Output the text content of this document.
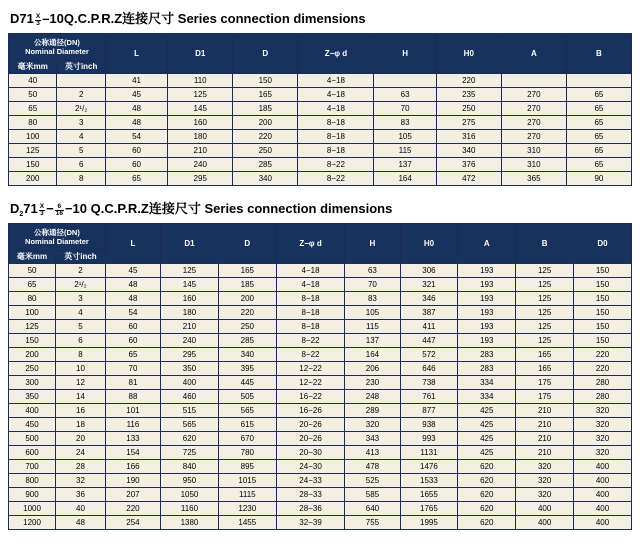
$D71 \frac{X}{3} -10Q.C.P.R.Z$连接尺寸 Series connection dimensions
公称通径(DN)
Nominal Diameter		L	D1	D	Z−φ d	H	H0	A	B
毫米mm	英寸inch								
40		41	110	150	4−18		220		
50	2	45	125	165	4−18	63	235	270	65
65	2¹/₂	48	145	185	4−18	70	250	270	65
80	3	48	160	200	8−18	83	275	270	65
100	4	54	180	220	8−18	105	316	270	65
125	5	60	210	250	8−18	115	340	310	65
150	6	60	240	285	8−22	137	376	310	65
200	8	65	295	340	8−22	164	472	365	90
$D_271 \frac{X}{3} - \frac{6}{16} -10$ Q.C.P.R.Z连接尺寸 Series connection dimensions
公称通径(DN)
Nominal Diameter		L	D1	D	Z−φ d	H	H0	A	B	D0
毫米mm	英寸inch									
50	2	45	125	165	4−18	63	306	193	125	150
65	2¹/₂	48	145	185	4−18	70	321	193	125	150
80	3	48	160	200	8−18	83	346	193	125	150
100	4	54	180	220	8−18	105	387	193	125	150
125	5	60	210	250	8−18	115	411	193	125	150
150	6	60	240	285	8−22	137	447	193	125	150
200	8	65	295	340	8−22	164	572	283	165	220
250	10	70	350	395	12−22	206	646	283	165	220
300	12	81	400	445	12−22	230	738	334	175	280
350	14	88	460	505	16−22	248	761	334	175	280
400	16	101	515	565	16−26	289	877	425	210	320
450	18	116	565	615	20−26	320	938	425	210	320
500	20	133	620	670	20−26	343	993	425	210	320
600	24	154	725	780	20−30	413	1131	425	210	320
700	28	166	840	895	24−30	478	1476	620	320	400
800	32	190	950	1015	24−33	525	1533	620	320	400
900	36	207	1050	1115	28−33	585	1655	620	320	400
1000	40	220	1160	1230	28−36	640	1765	620	400	400
1200	48	254	1380	1455	32−39	755	1995	620	400	400
